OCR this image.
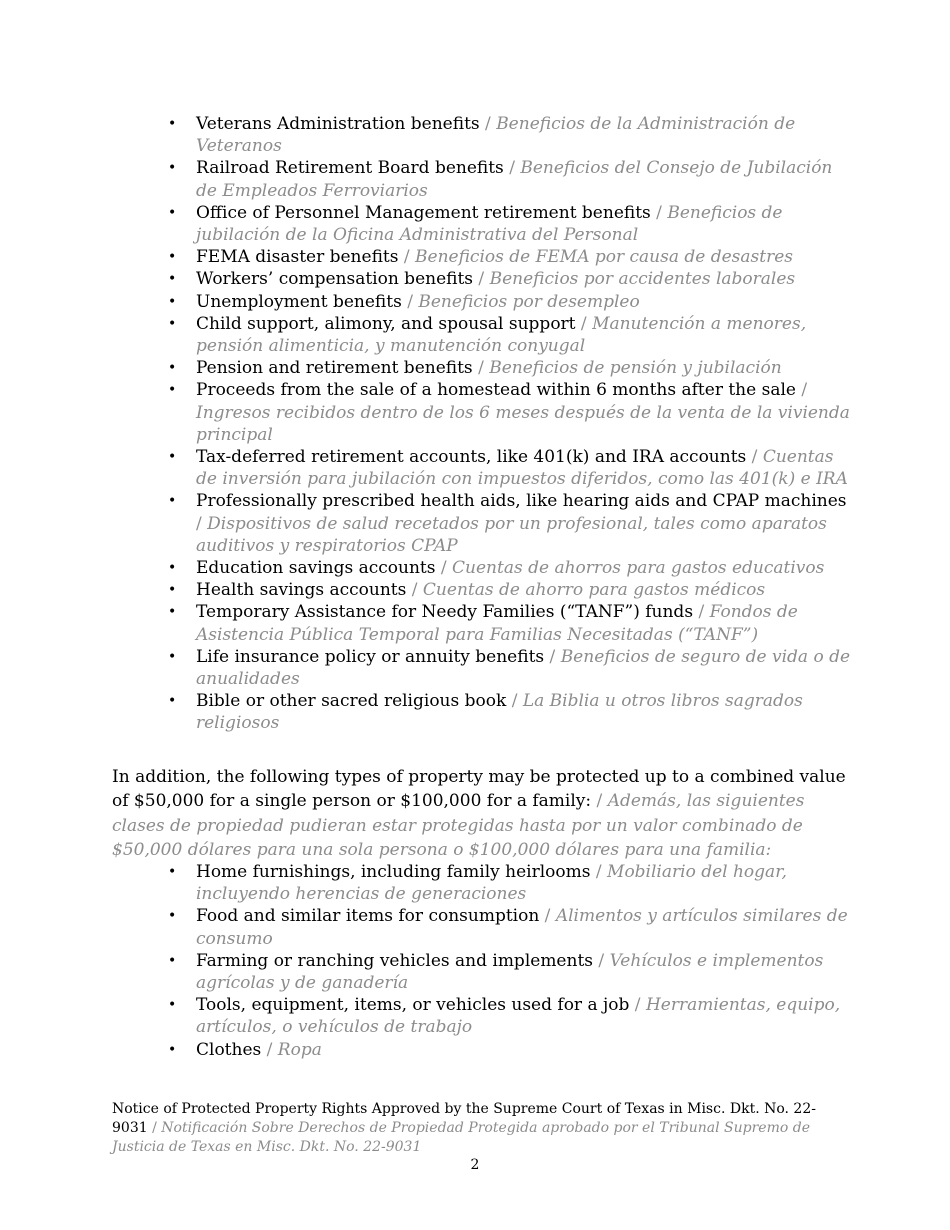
• Veterans Administration benefits / Beneficios de la Administración de Veteranos
• Railroad Retirement Board benefits / Beneficios del Consejo de Jubilación de Empleados Ferroviarios
• Office of Personnel Management retirement benefits / Beneficios de jubilación de la Oficina Administrativa del Personal
• FEMA disaster benefits / Beneficios de FEMA por causa de desastres
• Workers’ compensation benefits / Beneficios por accidentes laborales
• Unemployment benefits / Beneficios por desempleo
• Child support, alimony, and spousal support / Manutención a menores, pensión alimenticia, y manutención conyugal
• Pension and retirement benefits / Beneficios de pensión y jubilación
• Proceeds from the sale of a homestead within 6 months after the sale / Ingresos recibidos dentro de los 6 meses después de la venta de la vivienda principal
• Tax-deferred retirement accounts, like 401(k) and IRA accounts / Cuentas de inversión para jubilación con impuestos diferidos, como las 401(k) e IRA
• Professionally prescribed health aids, like hearing aids and CPAP machines / Dispositivos de salud recetados por un profesional, tales como aparatos auditivos y respiratorios CPAP
• Education savings accounts / Cuentas de ahorros para gastos educativos
• Health savings accounts / Cuentas de ahorro para gastos médicos
• Temporary Assistance for Needy Families (“TANF”) funds / Fondos de Asistencia Pública Temporal para Familias Necesitadas (“TANF”)
• Life insurance policy or annuity benefits / Beneficios de seguro de vida o de anualidades
• Bible or other sacred religious book / La Biblia u otros libros sagrados religiosos

In addition, the following types of property may be protected up to a combined value of $50,000 for a single person or $100,000 for a family: / Además, las siguientes clases de propiedad pudieran estar protegidas hasta por un valor combinado de $50,000 dólares para una sola persona o $100,000 dólares para una familia:

• Home furnishings, including family heirlooms / Mobiliario del hogar, incluyendo herencias de generaciones
• Food and similar items for consumption / Alimentos y artículos similares de consumo
• Farming or ranching vehicles and implements / Vehículos e implementos agrícolas y de ganadería
• Tools, equipment, items, or vehicles used for a job / Herramientas, equipo, artículos, o vehículos de trabajo
• Clothes / Ropa

Notice of Protected Property Rights Approved by the Supreme Court of Texas in Misc. Dkt. No. 22-9031 / Notificación Sobre Derechos de Propiedad Protegida aprobado por el Tribunal Supremo de Justicia de Texas en Misc. Dkt. No. 22-9031

2
